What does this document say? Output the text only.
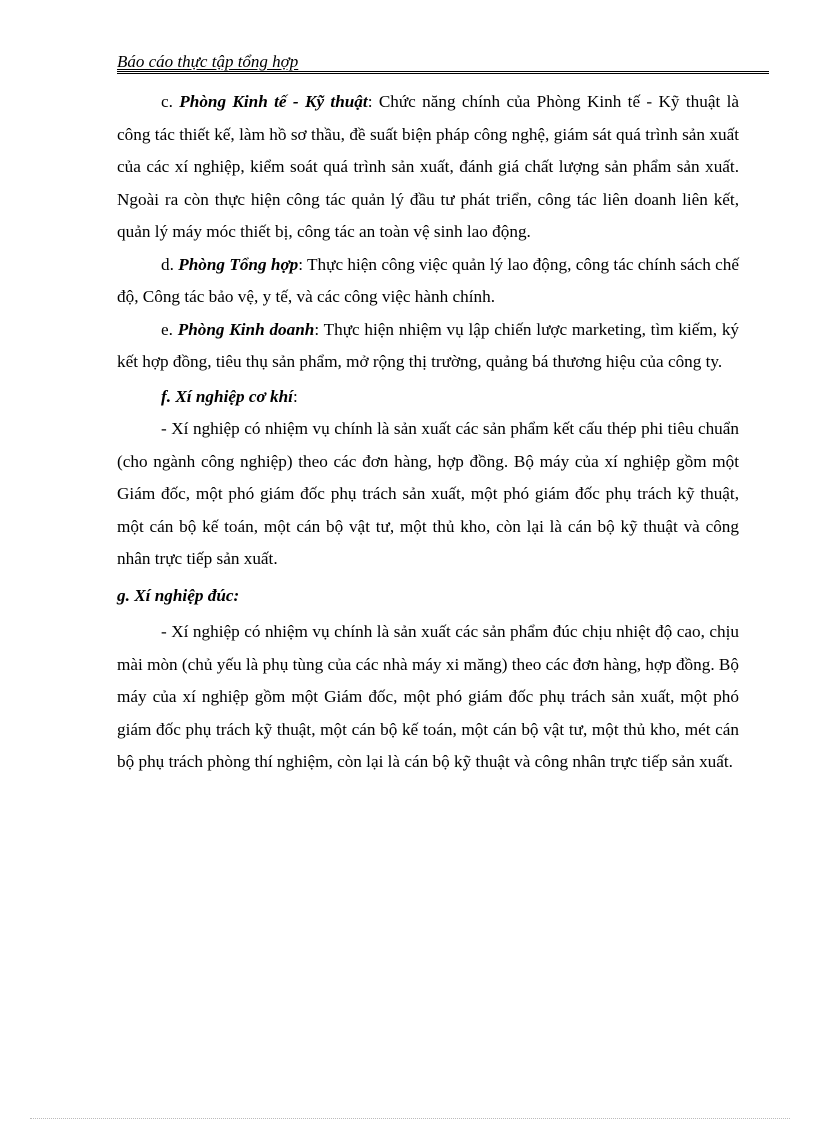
Báo cáo thực tập tổng hợp

c. Phòng Kinh tế - Kỹ thuật: Chức năng chính của Phòng Kinh tế - Kỹ thuật là công tác thiết kế, làm hồ sơ thầu, đề suất biện pháp công nghệ, giám sát quá trình sản xuất của các xí nghiệp, kiểm soát quá trình sản xuất, đánh giá chất lượng sản phẩm sản xuất. Ngoài ra còn thực hiện công tác quản lý đầu tư phát triển, công tác liên doanh liên kết, quản lý máy móc thiết bị, công tác an toàn vệ sinh lao động.

d. Phòng Tổng hợp: Thực hiện công việc quản lý lao động, công tác chính sách chế độ, Công tác bảo vệ, y tế, và các công việc hành chính.

e. Phòng Kinh doanh: Thực hiện nhiệm vụ lập chiến lược marketing, tìm kiếm, ký kết hợp đồng, tiêu thụ sản phẩm, mở rộng thị trường, quảng bá thương hiệu của công ty.

f. Xí nghiệp cơ khí:

- Xí nghiệp có nhiệm vụ chính là sản xuất các sản phẩm kết cấu thép phi tiêu chuẩn (cho ngành công nghiệp) theo các đơn hàng, hợp đồng. Bộ máy của xí nghiệp gồm một Giám đốc, một phó giám đốc phụ trách sản xuất, một phó giám đốc phụ trách kỹ thuật, một cán bộ kế toán, một cán bộ vật tư, một thủ kho, còn lại là cán bộ kỹ thuật và công nhân trực tiếp sản xuất.

g. Xí nghiệp đúc:

- Xí nghiệp có nhiệm vụ chính là sản xuất các sản phẩm đúc chịu nhiệt độ cao, chịu mài mòn (chủ yếu là phụ tùng của các nhà máy xi măng) theo các đơn hàng, hợp đồng. Bộ máy của xí nghiệp gồm một Giám đốc, một phó giám đốc phụ trách sản xuất, một phó giám đốc phụ trách kỹ thuật, một cán bộ kế toán, một cán bộ vật tư, một thủ kho, mét cán bộ phụ trách phòng thí nghiệm, còn lại là cán bộ kỹ thuật và công nhân trực tiếp sản xuất.
